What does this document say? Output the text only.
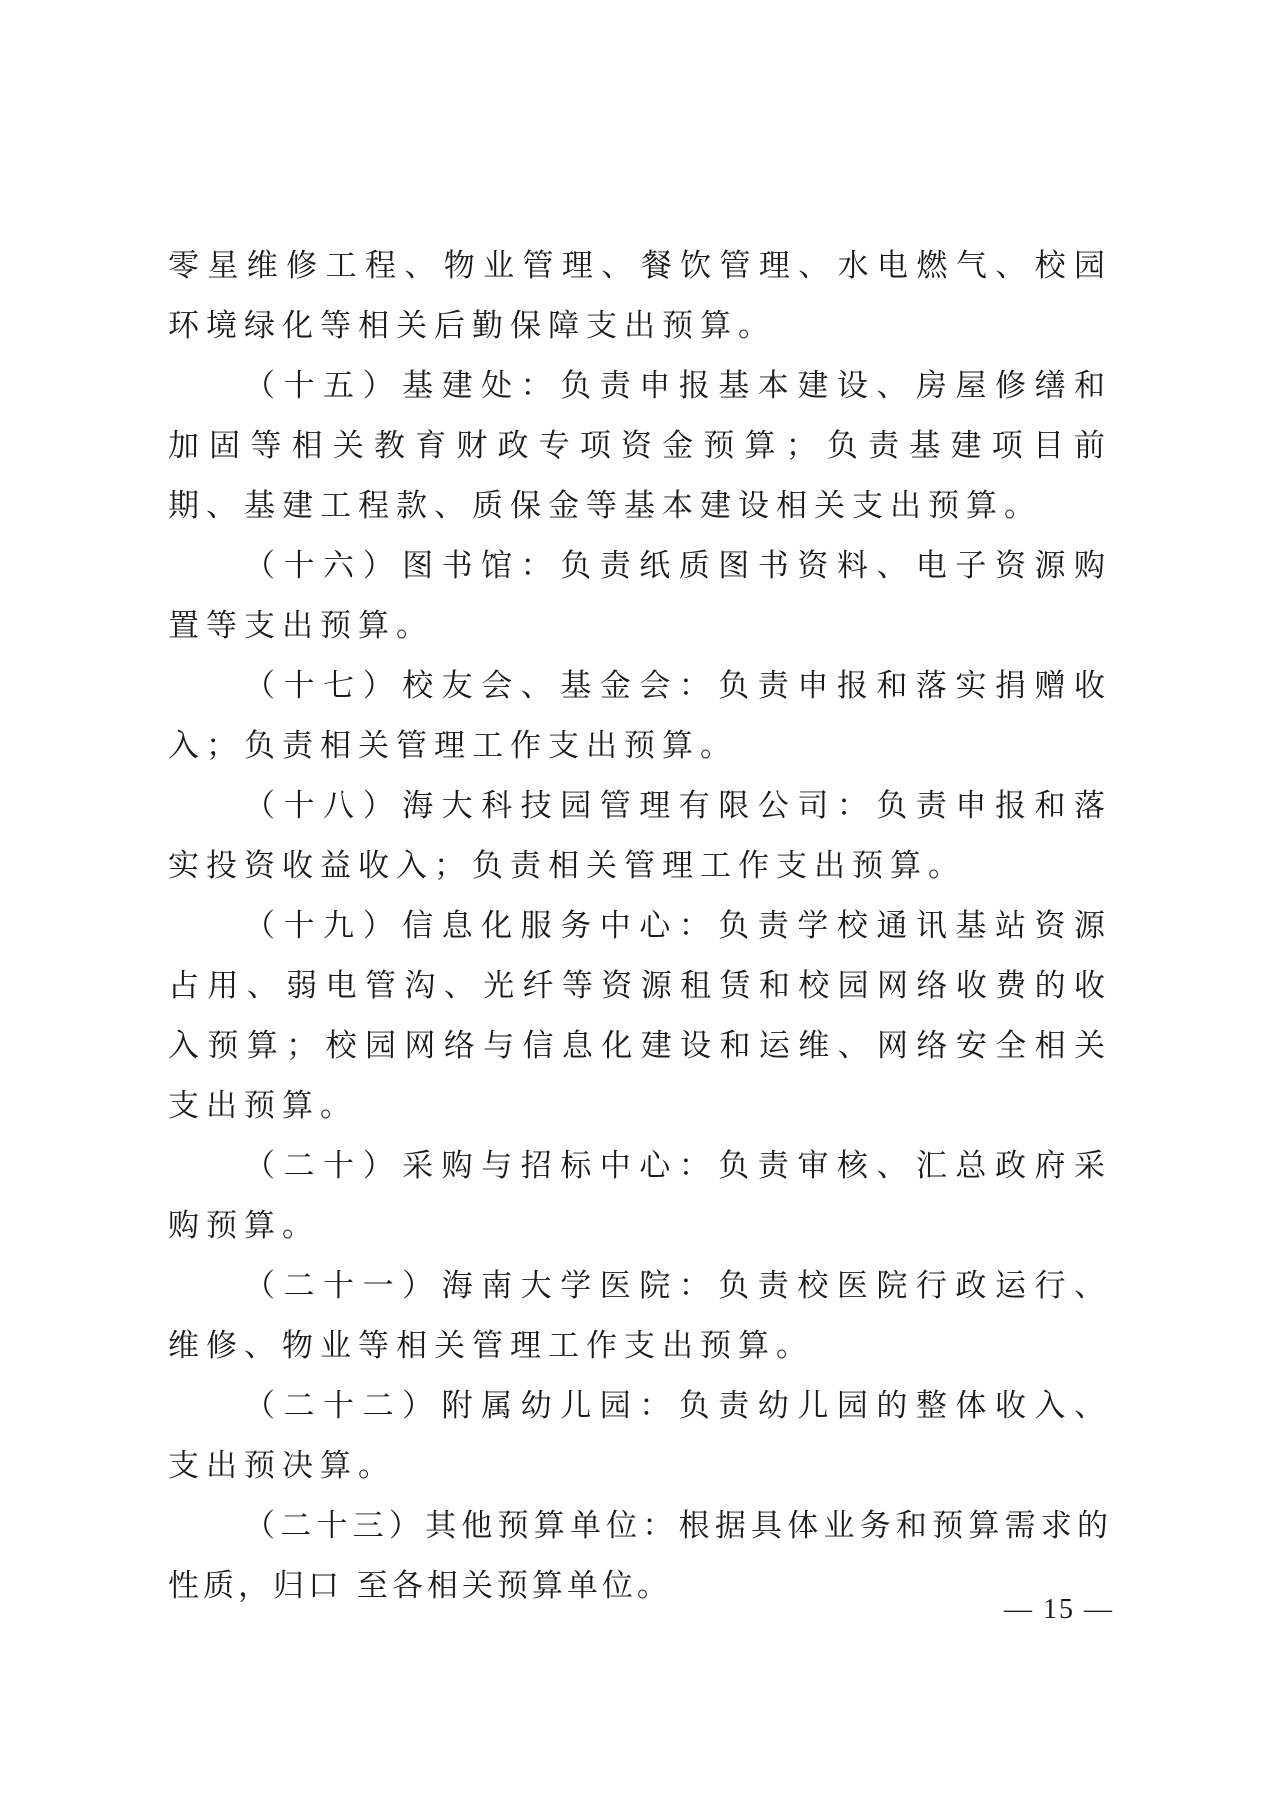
零星维修工程、物业管理、餐饮管理、水电燃气、校园环境绿化等相关后勤保障支出预算。

（十五）基建处：负责申报基本建设、房屋修缮和加固等相关教育财政专项资金预算；负责基建项目前期、基建工程款、质保金等基本建设相关支出预算。

（十六）图书馆：负责纸质图书资料、电子资源购置等支出预算。

（十七）校友会、基金会：负责申报和落实捐赠收入；负责相关管理工作支出预算。

（十八）海大科技园管理有限公司：负责申报和落实投资收益收入；负责相关管理工作支出预算。

（十九）信息化服务中心：负责学校通讯基站资源占用、弱电管沟、光纤等资源租赁和校园网络收费的收入预算；校园网络与信息化建设和运维、网络安全相关支出预算。

（二十）采购与招标中心：负责审核、汇总政府采购预算。

（二十一）海南大学医院：负责校医院行政运行、维修、物业等相关管理工作支出预算。

（二十二）附属幼儿园：负责幼儿园的整体收入、支出预决算。

（二十三）其他预算单位：根据具体业务和预算需求的性质，归口 至各相关预算单位。

— 15 —
